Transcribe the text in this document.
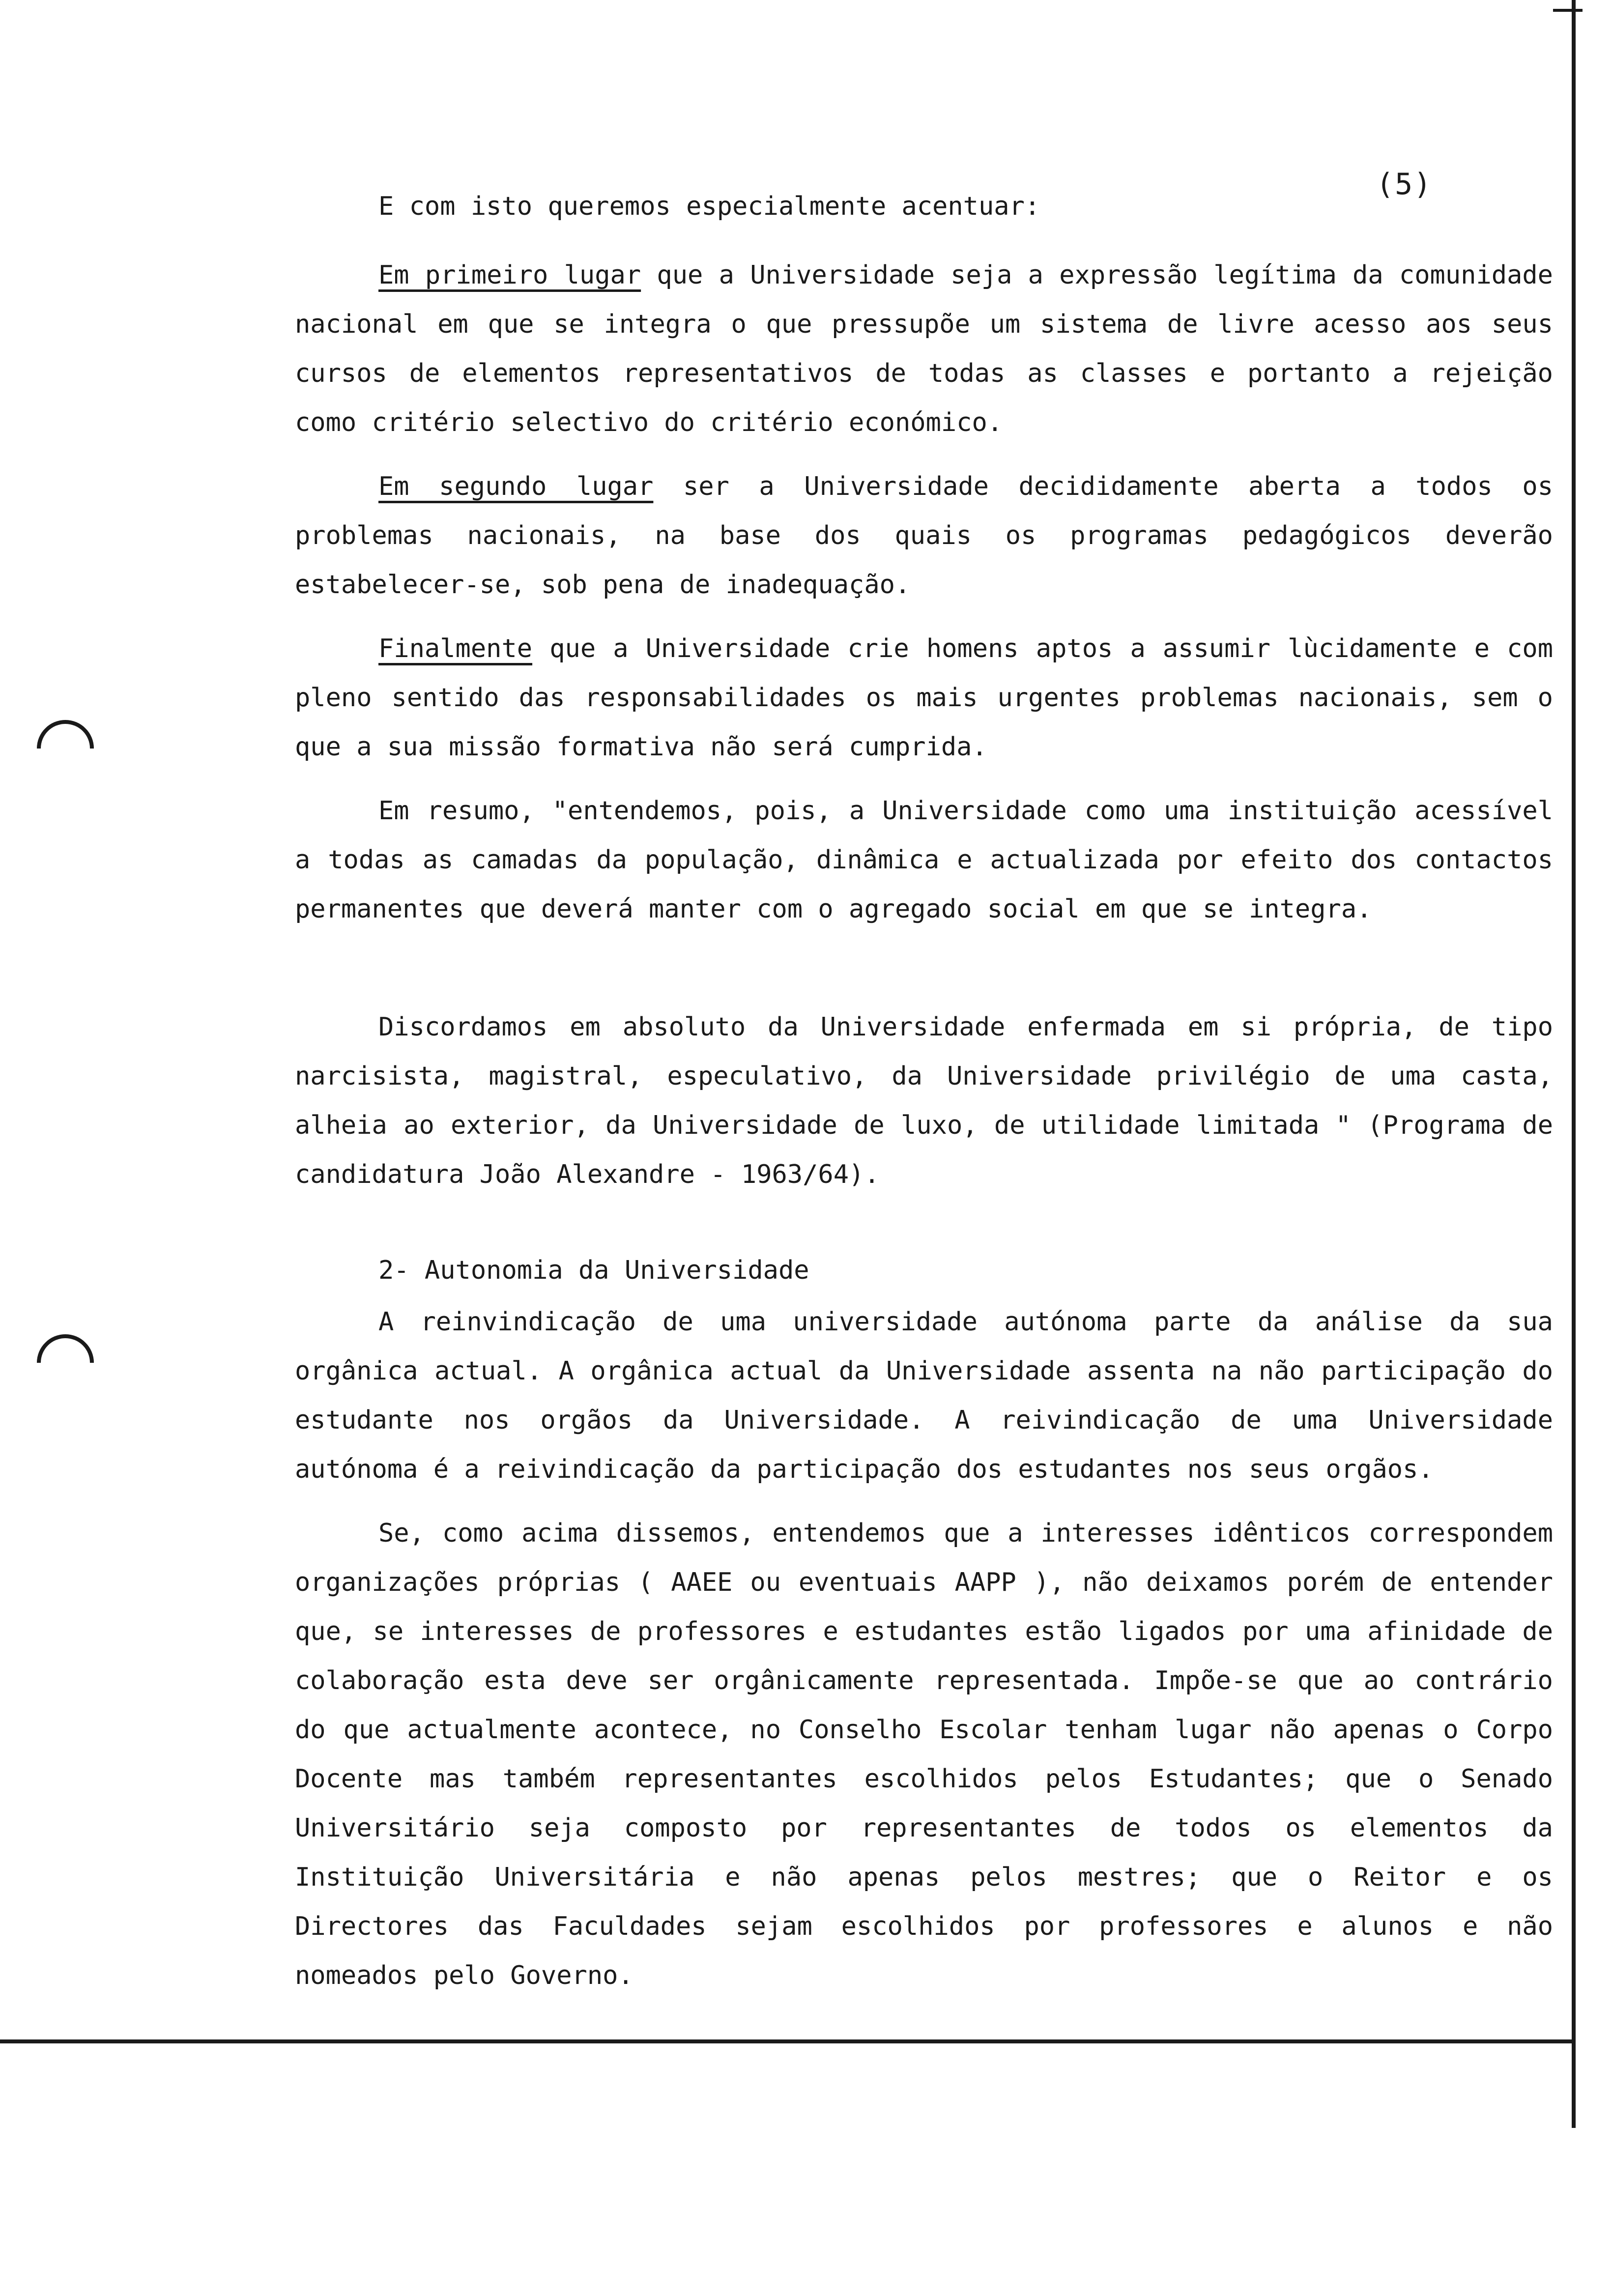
(5)
E com isto queremos especialmente acentuar:

Em primeiro lugar que a Universidade seja a expressão legítima da comunidade nacional em que se integra o que pressupõe um sistema de livre acesso aos seus cursos de elementos representativos de todas as classes e portanto a rejeição como critério selectivo do critério económico.

Em segundo lugar ser a Universidade decididamente aberta a todos os problemas nacionais, na base dos quais os programas pedagógicos deverão estabelecer-se, sob pena de inadequação.

Finalmente que a Universidade crie homens aptos a assumir lùcidamente e com pleno sentido das responsabilidades os mais urgentes problemas nacionais, sem o que a sua missão formativa não será cumprida.

Em resumo, "entendemos, pois, a Universidade como uma instituição acessível a todas as camadas da população, dinâmica e actualizada por efeito dos contactos permanentes que deverá manter com o agregado social em que se integra.

Discordamos em absoluto da Universidade enfermada em si própria, de tipo narcisista, magistral, especulativo, da Universidade privilégio de uma casta, alheia ao exterior, da Universidade de luxo, de utilidade limitada " (Programa de candidatura João Alexandre - 1963/64).

2- Autonomia da Universidade

A reinvindicação de uma universidade autónoma parte da análise da sua orgânica actual. A orgânica actual da Universidade assenta na não participação do estudante nos orgãos da Universidade. A reivindicação de uma Universidade autónoma é a reivindicação da participação dos estudantes nos seus orgãos.

Se, como acima dissemos, entendemos que a interesses idênticos correspondem organizações próprias ( AAEE ou eventuais AAPP ), não deixamos porém de entender que, se interesses de professores e estudantes estão ligados por uma afinidade de colaboração esta deve ser orgânicamente representada. Impõe-se que ao contrário do que actualmente acontece, no Conselho Escolar tenham lugar não apenas o Corpo Docente mas também representantes escolhidos pelos Estudantes; que o Senado Universitário seja composto por representantes de todos os elementos da Instituição Universitária e não apenas pelos mestres; que o Reitor e os Directores das Faculdades sejam escolhidos por professores e alunos e não nomeados pelo Governo.
